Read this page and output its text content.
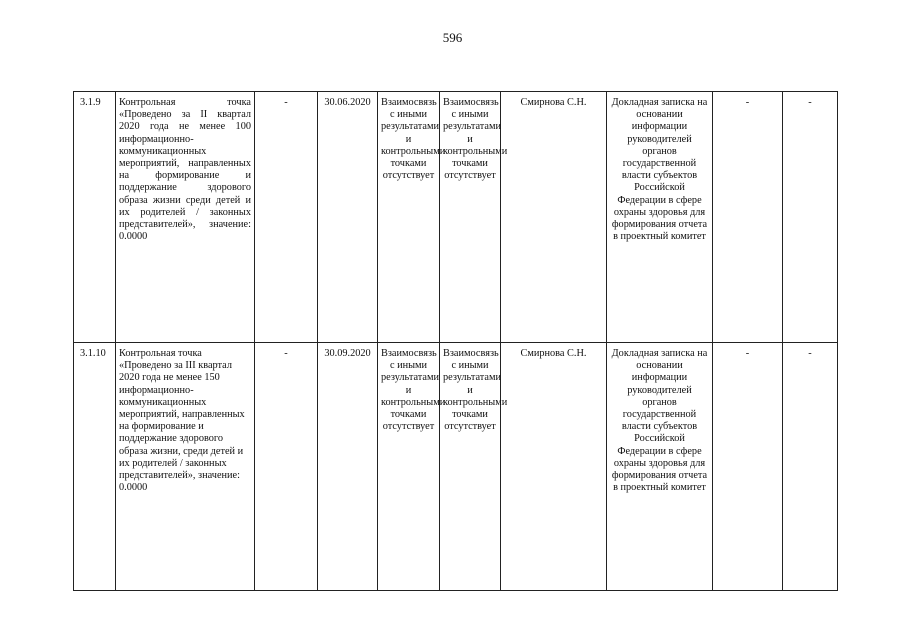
596
3.1.9	Контрольная точка «Проведено за II квартал 2020 года не менее 100 информационно-коммуникационных мероприятий, направленных на формирование и поддержание здорового образа жизни среди детей и их родителей / законных представителей», значение: 0.0000	-	30.06.2020	Взаимосвязь с иными результатами и контрольными точками отсутствует	Взаимосвязь с иными результатами и контрольными точками отсутствует	Смирнова С.Н.	Докладная записка на основании информации руководителей органов государственной власти субъектов Российской Федерации в сфере охраны здоровья для формирования отчета в проектный комитет	-	-
3.1.10	Контрольная точка «Проведено за III квартал 2020 года не менее 150 информационно-коммуникационных мероприятий, направленных на формирование и поддержание здорового образа жизни, среди детей и их родителей / законных представителей», значение: 0.0000	-	30.09.2020	Взаимосвязь с иными результатами и контрольными точками отсутствует	Взаимосвязь с иными результатами и контрольными точками отсутствует	Смирнова С.Н.	Докладная записка на основании информации руководителей органов государственной власти субъектов Российской Федерации в сфере охраны здоровья для формирования отчета в проектный комитет	-	-
